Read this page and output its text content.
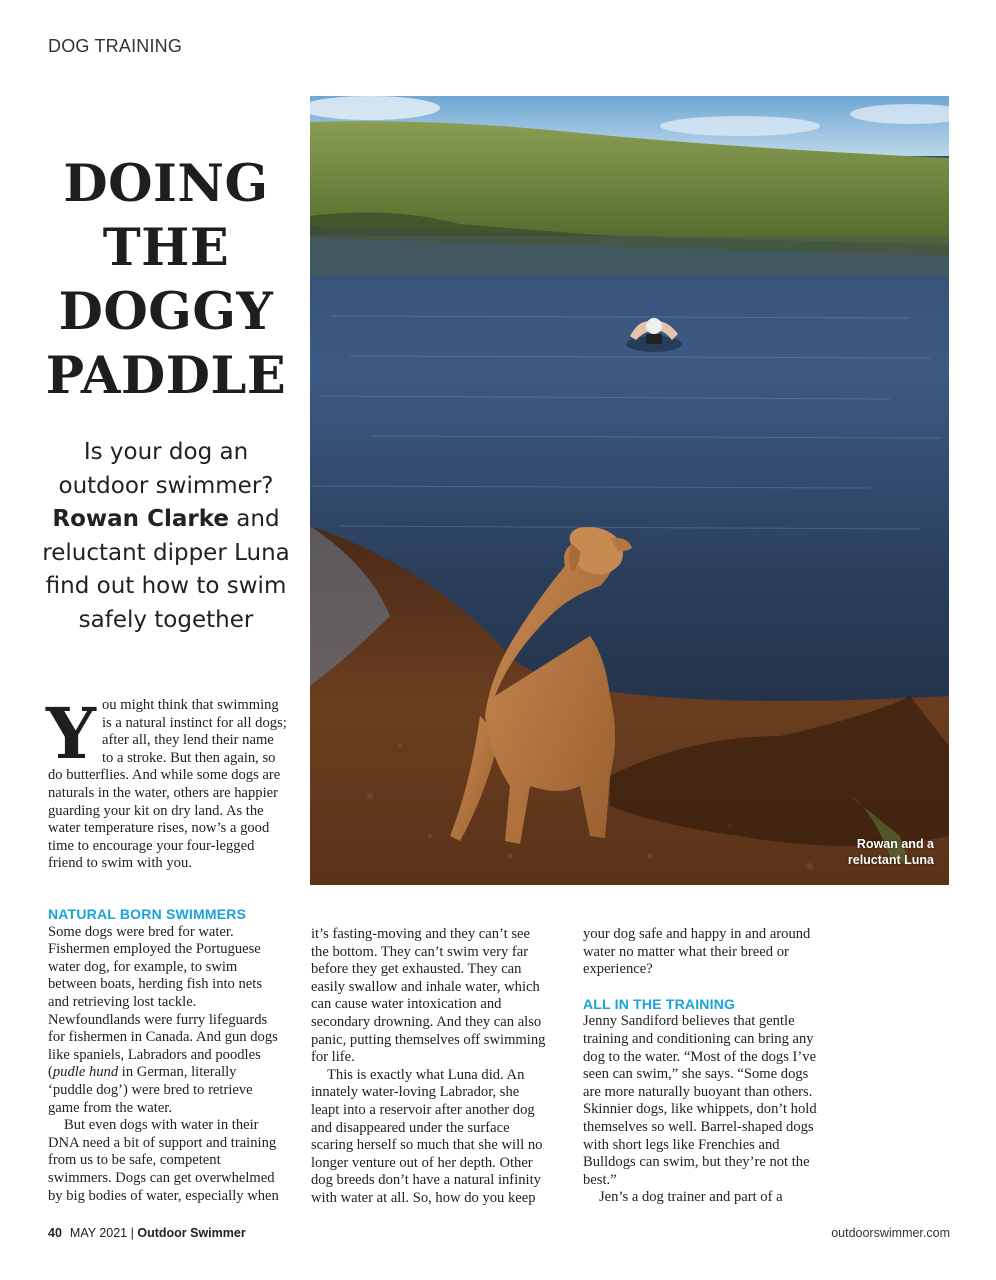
DOG TRAINING
DOING
THE
DOGGY
PADDLE
Is your dog an outdoor swimmer? Rowan Clarke and reluctant dipper Luna find out how to swim safely together
You might think that swimming is a natural instinct for all dogs; after all, they lend their name to a stroke. But then again, so do butterflies. And while some dogs are naturals in the water, others are happier guarding your kit on dry land. As the water temperature rises, now’s a good time to encourage your four-legged friend to swim with you.
NATURAL BORN SWIMMERS

Some dogs were bred for water. Fishermen employed the Portuguese water dog, for example, to swim between boats, herding fish into nets and retrieving lost tackle. Newfoundlands were furry lifeguards for fishermen in Canada. And gun dogs like spaniels, Labradors and poodles (pudle hund in German, literally ‘puddle dog’) were bred to retrieve game from the water.

But even dogs with water in their DNA need a bit of support and training from us to be safe, competent swimmers. Dogs can get overwhelmed by big bodies of water, especially when

it’s fasting-moving and they can’t see the bottom. They can’t swim very far before they get exhausted. They can easily swallow and inhale water, which can cause water intoxication and secondary drowning. And they can also panic, putting themselves off swimming for life.

This is exactly what Luna did. An innately water-loving Labrador, she leapt into a reservoir after another dog and disappeared under the surface scaring herself so much that she will no longer venture out of her depth. Other dog breeds don’t have a natural infinity with water at all. So, how do you keep

your dog safe and happy in and around water no matter what their breed or experience?

ALL IN THE TRAINING

Jenny Sandiford believes that gentle training and conditioning can bring any dog to the water. “Most of the dogs I’ve seen can swim,” she says. “Some dogs are more naturally buoyant than others. Skinnier dogs, like whippets, don’t hold themselves so well. Barrel-shaped dogs with short legs like Frenchies and Bulldogs can swim, but they’re not the best.”

Jen’s a dog trainer and part of a

Rowan and a
reluctant Luna
40 MAY 2021 | Outdoor Swimmer	outdoorswimmer.com
